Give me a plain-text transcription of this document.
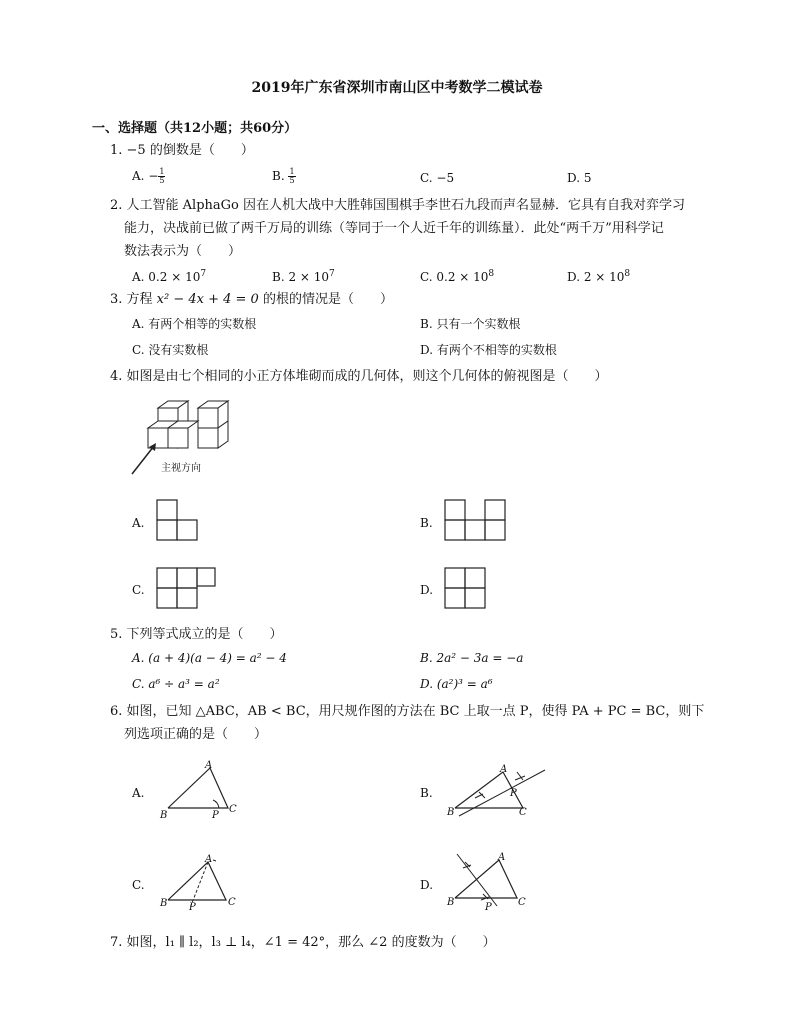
2019年广东省深圳市南山区中考数学二模试卷
一、选择题（共12小题；共60分）
1. −5 的倒数是（　　）
A. − $\frac{1}{5}$	B. $\frac{1}{5}$	C. −5	D. 5
2. 人工智能 AlphaGo 因在人机大战中大胜韩国围棋手李世石九段而声名显赫．它具有自我对弈学习
能力，决战前已做了两千万局的训练（等同于一个人近千年的训练量）．此处“两千万”用科学记
数法表示为（　　）
A. $0.2 \times 10^7$	B. $2 \times 10^7$	C. $0.2 \times 10^8$	D. $2 \times 10^8$
3. 方程 x² − 4x + 4 = 0 的根的情况是（　　）
A. 有两个相等的实数根	B. 只有一个实数根
C. 没有实数根	D. 有两个不相等的实数根
4. 如图是由七个相同的小正方体堆砌而成的几何体，则这个几何体的俯视图是（　　）
主视方向
A.	B.
C.	D.
5. 下列等式成立的是（　　）
A. (a + 4)(a − 4) = a² − 4	B. 2a² − 3a = −a
C. a⁶ ÷ a³ = a²	D. (a²)³ = a⁶
6. 如图，已知 △ABC，AB < BC，用尺规作图的方法在 BC 上取一点 P，使得 PA + PC = BC，则下
列选项正确的是（　　）
A.
A
B
C
P
B.
A
B	C
P
C.
A
B	C
P
D.
A
B	C
P
7. 如图，l₁ ∥ l₂，l₃ ⊥ l₄，∠1 = 42°，那么 ∠2 的度数为（　　）
